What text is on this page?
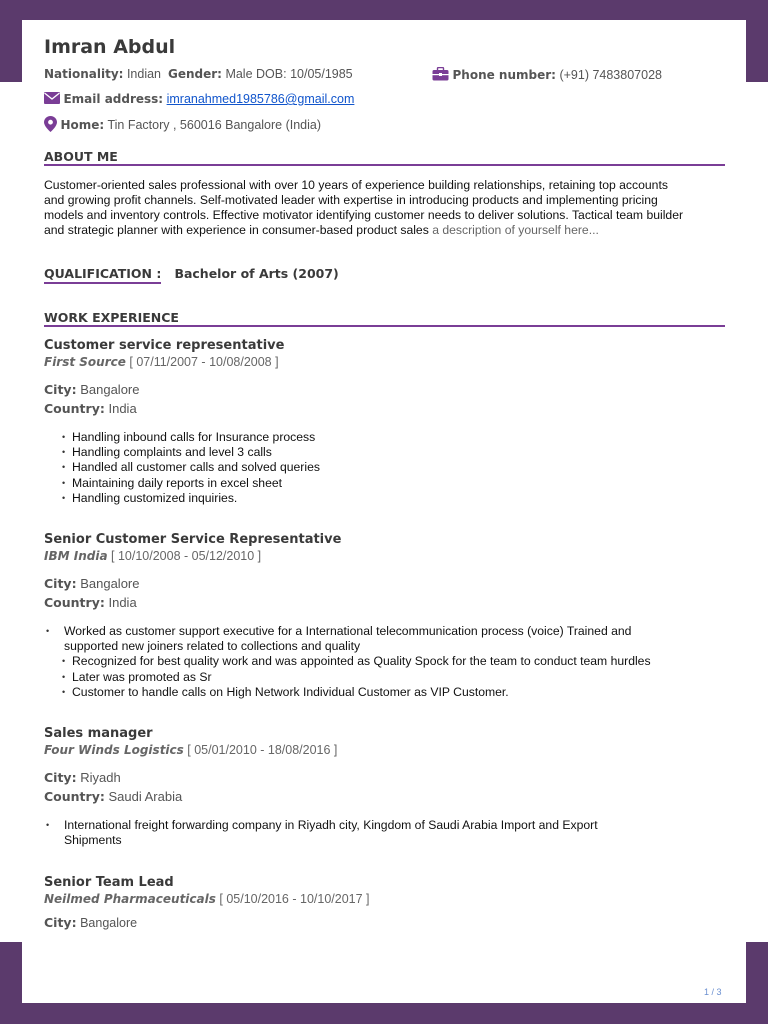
Imran Abdul
Nationality: Indian Gender: Male DOB: 10/05/1985	Phone number: (+91) 7483807028
Email address: imranahmed1985786@gmail.com
Home: Tin Factory , 560016 Bangalore (India)
ABOUT ME
Customer-oriented sales professional with over 10 years of experience building relationships, retaining top accounts and growing profit channels. Self-motivated leader with expertise in introducing products and implementing pricing models and inventory controls. Effective motivator identifying customer needs to deliver solutions. Tactical team builder and strategic planner with experience in consumer-based product sales a description of yourself here...
QUALIFICATION : Bachelor of Arts (2007)
WORK EXPERIENCE
Customer service representative
First Source [ 07/11/2007 - 10/08/2008 ]
City: Bangalore
Country: India
• Handling inbound calls for Insurance process
• Handling complaints and level 3 calls
• Handled all customer calls and solved queries
• Maintaining daily reports in excel sheet
• Handling customized inquiries.
Senior Customer Service Representative
IBM India [ 10/10/2008 - 05/12/2010 ]
City: Bangalore
Country: India
• Worked as customer support executive for a International telecommunication process (voice) Trained and supported new joiners related to collections and quality
• Recognized for best quality work and was appointed as Quality Spock for the team to conduct team hurdles
• Later was promoted as Sr
• Customer to handle calls on High Network Individual Customer as VIP Customer.
Sales manager
Four Winds Logistics [ 05/01/2010 - 18/08/2016 ]
City: Riyadh
Country: Saudi Arabia
• International freight forwarding company in Riyadh city, Kingdom of Saudi Arabia Import and Export Shipments
Senior Team Lead
Neilmed Pharmaceuticals [ 05/10/2016 - 10/10/2017 ]
City: Bangalore
1 / 3
